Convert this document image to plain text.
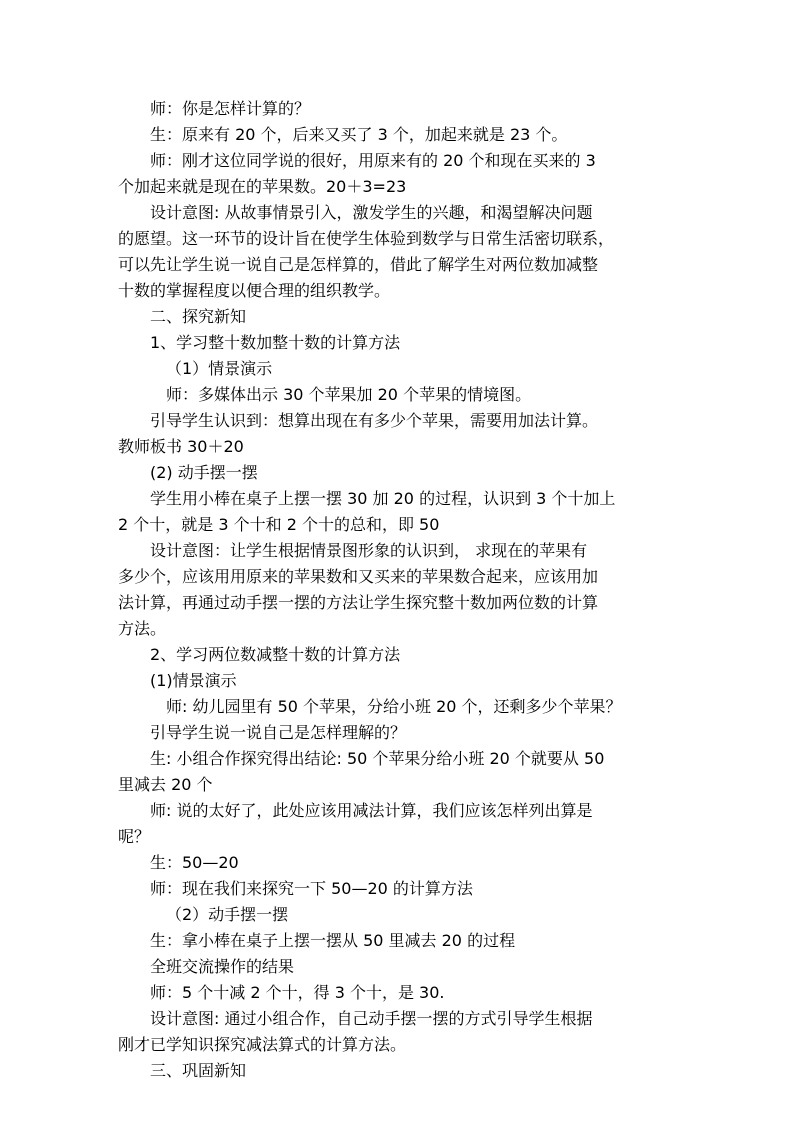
师：你是怎样计算的？
生：原来有 20 个，后来又买了 3 个，加起来就是 23 个。
师：刚才这位同学说的很好，用原来有的 20 个和现在买来的 3
个加起来就是现在的苹果数。20＋3=23
设计意图: 从故事情景引入，激发学生的兴趣，和渴望解决问题
的愿望。这一环节的设计旨在使学生体验到数学与日常生活密切联系，
可以先让学生说一说自己是怎样算的，借此了解学生对两位数加减整
十数的掌握程度以便合理的组织教学。
二、探究新知
1、学习整十数加整十数的计算方法
（1）情景演示
师：多媒体出示 30 个苹果加 20 个苹果的情境图。
引导学生认识到：想算出现在有多少个苹果，需要用加法计算。
教师板书 30＋20
(2) 动手摆一摆
学生用小棒在桌子上摆一摆 30 加 20 的过程，认识到 3 个十加上
2 个十，就是 3 个十和 2 个十的总和，即 50
设计意图：让学生根据情景图形象的认识到， 求现在的苹果有
多少个，应该用用原来的苹果数和又买来的苹果数合起来，应该用加
法计算，再通过动手摆一摆的方法让学生探究整十数加两位数的计算
方法。
2、学习两位数减整十数的计算方法
(1)情景演示
师: 幼儿园里有 50 个苹果，分给小班 20 个，还剩多少个苹果？
引导学生说一说自己是怎样理解的？
生: 小组合作探究得出结论: 50 个苹果分给小班 20 个就要从 50
里减去 20 个
师: 说的太好了，此处应该用减法计算，我们应该怎样列出算是
呢？
生：50—20
师：现在我们来探究一下 50—20 的计算方法
（2）动手摆一摆
生：拿小棒在桌子上摆一摆从 50 里减去 20 的过程
全班交流操作的结果
师：5 个十减 2 个十，得 3 个十，是 30.
设计意图: 通过小组合作，自己动手摆一摆的方式引导学生根据
刚才已学知识探究减法算式的计算方法。
三、巩固新知
